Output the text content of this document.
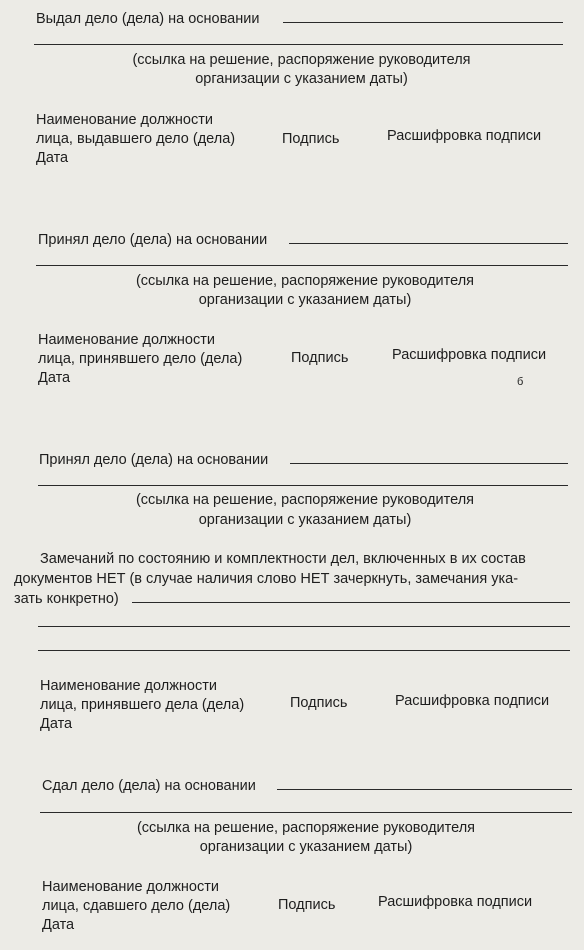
Выдал дело (дела) на основании
(ссылка на решение, распоряжение руководителя
организации с указанием даты)
Наименование должности
лица, выдавшего дело (дела)
Дата
Подпись	Расшифровка подписи
Принял дело (дела) на основании
(ссылка на решение, распоряжение руководителя
организации с указанием даты)
Наименование должности
лица, принявшего дело (дела)
Дата
Подпись	Расшифровка подписи
б
Принял дело (дела) на основании
(ссылка на решение, распоряжение руководителя
организации с указанием даты)
Замечаний по состоянию и комплектности дел, включенных в их состав
документов НЕТ (в случае наличия слово НЕТ зачеркнуть, замечания ука-
зать конкретно)
Наименование должности
лица, принявшего дела (дела)
Дата
Подпись	Расшифровка подписи
Сдал дело (дела) на основании
(ссылка на решение, распоряжение руководителя
организации с указанием даты)
Наименование должности
лица, сдавшего дело (дела)
Дата
Подпись	Расшифровка подписи
